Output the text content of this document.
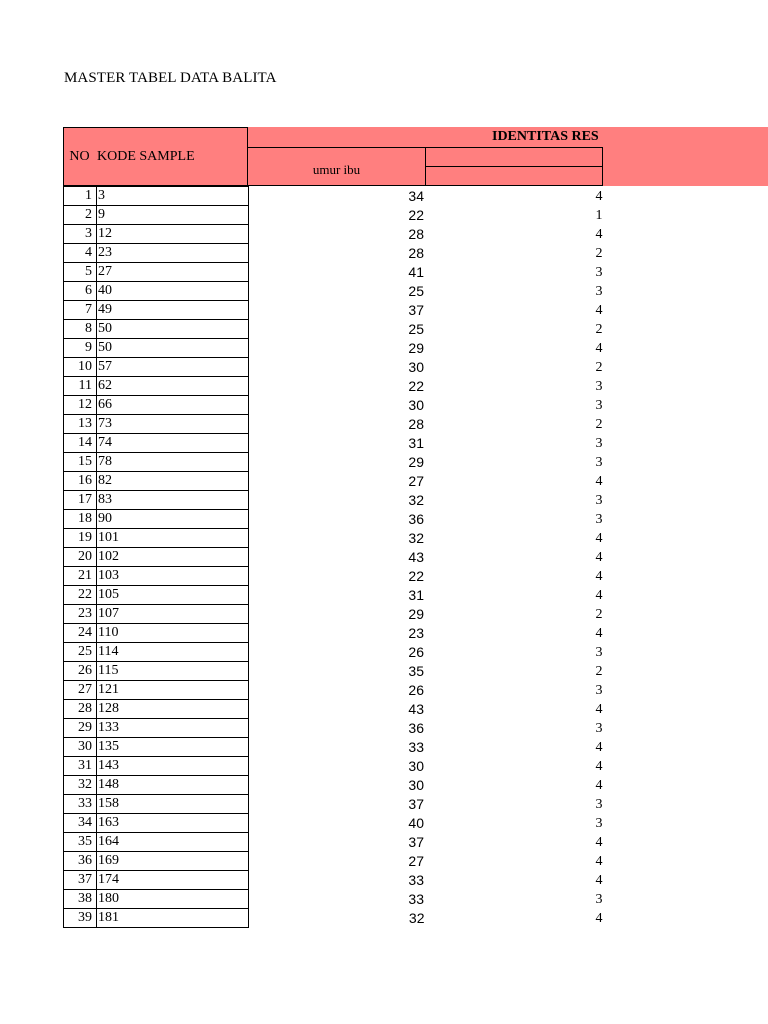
MASTER TABEL DATA BALITA
NO KODE SAMPLE
IDENTITAS RES
umur ibu
1	3	34	4
2	9	22	1
3	12	28	4
4	23	28	2
5	27	41	3
6	40	25	3
7	49	37	4
8	50	25	2
9	50	29	4
10	57	30	2
11	62	22	3
12	66	30	3
13	73	28	2
14	74	31	3
15	78	29	3
16	82	27	4
17	83	32	3
18	90	36	3
19	101	32	4
20	102	43	4
21	103	22	4
22	105	31	4
23	107	29	2
24	110	23	4
25	114	26	3
26	115	35	2
27	121	26	3
28	128	43	4
29	133	36	3
30	135	33	4
31	143	30	4
32	148	30	4
33	158	37	3
34	163	40	3
35	164	37	4
36	169	27	4
37	174	33	4
38	180	33	3
39	181	32	4
